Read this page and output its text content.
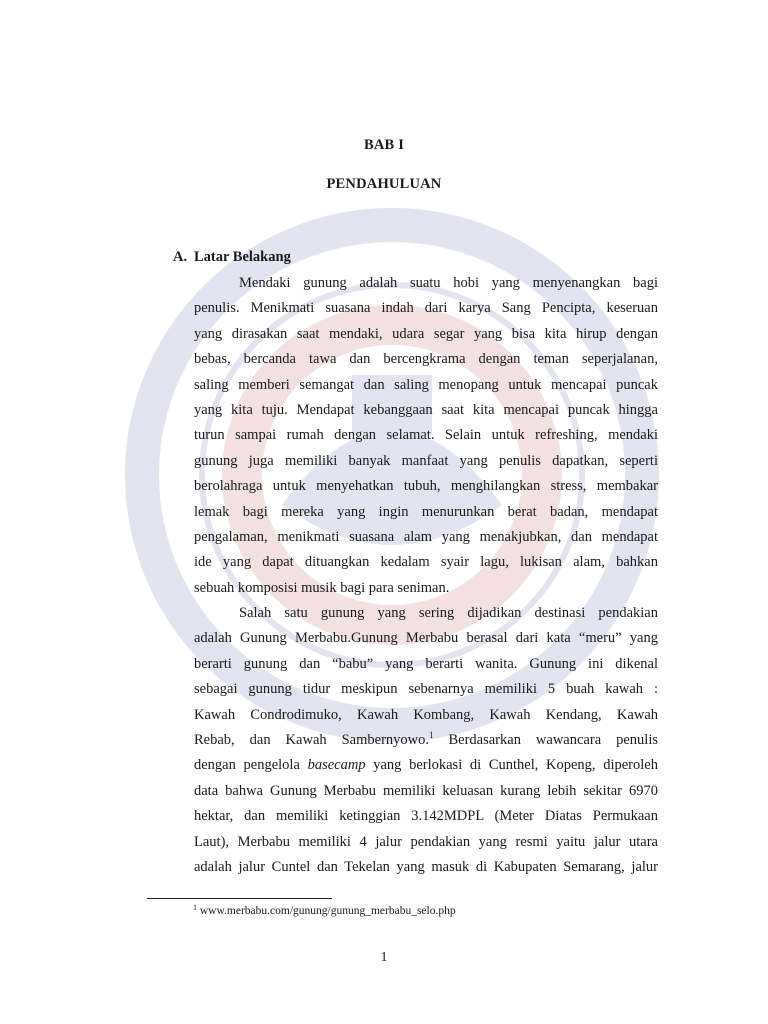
BAB I
PENDAHULUAN
A. Latar Belakang
Mendaki gunung adalah suatu hobi yang menyenangkan bagi
penulis. Menikmati suasana indah dari karya Sang Pencipta, keseruan
yang dirasakan saat mendaki, udara segar yang bisa kita hirup dengan
bebas, bercanda tawa dan bercengkrama dengan teman seperjalanan,
saling memberi semangat dan saling menopang untuk mencapai puncak
yang kita tuju. Mendapat kebanggaan saat kita mencapai puncak hingga
turun sampai rumah dengan selamat. Selain untuk refreshing, mendaki
gunung juga memiliki banyak manfaat yang penulis dapatkan, seperti
berolahraga untuk menyehatkan tubuh, menghilangkan stress, membakar
lemak bagi mereka yang ingin menurunkan berat badan, mendapat
pengalaman, menikmati suasana alam yang menakjubkan, dan mendapat
ide yang dapat dituangkan kedalam syair lagu, lukisan alam, bahkan
sebuah komposisi musik bagi para seniman.
Salah satu gunung yang sering dijadikan destinasi pendakian
adalah Gunung Merbabu.Gunung Merbabu berasal dari kata “meru” yang
berarti gunung dan “babu” yang berarti wanita. Gunung ini dikenal
sebagai gunung tidur meskipun sebenarnya memiliki 5 buah kawah :
Kawah Condrodimuko, Kawah Kombang, Kawah Kendang, Kawah
Rebab, dan Kawah Sambernyowo.$^1$ Berdasarkan wawancara penulis
dengan pengelola basecamp yang berlokasi di Cunthel, Kopeng, diperoleh
data bahwa Gunung Merbabu memiliki keluasan kurang lebih sekitar 6970
hektar, dan memiliki ketinggian 3.142MDPL (Meter Diatas Permukaan
Laut), Merbabu memiliki 4 jalur pendakian yang resmi yaitu jalur utara
adalah jalur Cuntel dan Tekelan yang masuk di Kabupaten Semarang, jalur
$^1$ www.merbabu.com/gunung/gunung_merbabu_selo.php
1
